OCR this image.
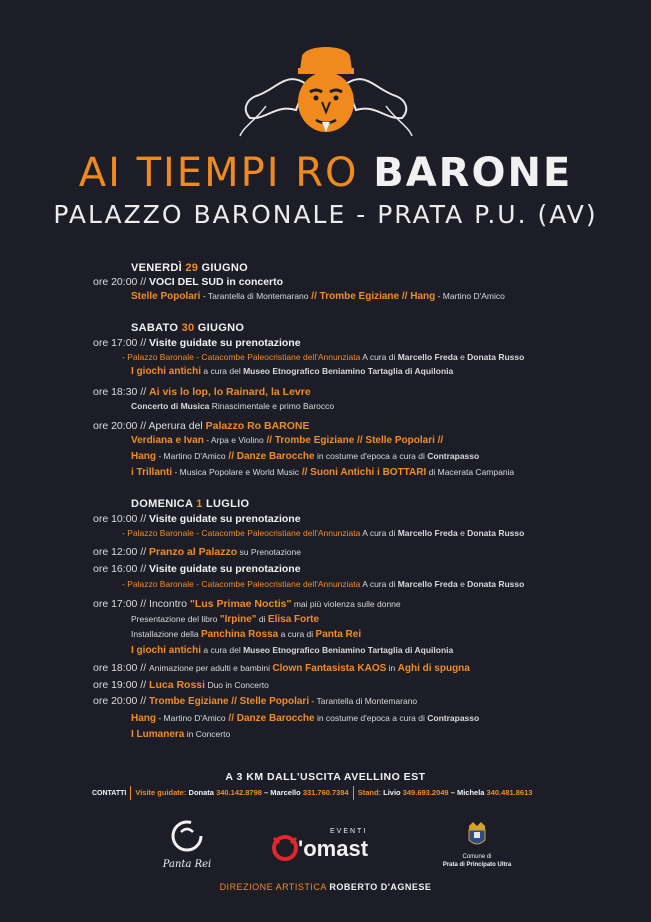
AI TIEMPI RO BARONE
PALAZZO BARONALE - PRATA P.U. (AV)
VENERDÌ 29 GIUGNO
ore 20:00 // VOCI DEL SUD in concerto
Stelle Popolari - Tarantella di Montemarano // Trombe Egiziane // Hang - Martino D'Amico
SABATO 30 GIUGNO
ore 17:00 // Visite guidate su prenotazione
- Palazzo Baronale - Catacombe Paleocristiane dell'Annunziata A cura di Marcello Freda e Donata Russo
I giochi antichi a cura del Museo Etnografico Beniamino Tartaglia di Aquilonia
ore 18:30 // Ai vis lo lop, lo Rainard, la Levre
Concerto di Musica Rinascimentale e primo Barocco
ore 20:00 // Aperura del Palazzo Ro BARONE
Verdiana e Ivan - Arpa e Violino // Trombe Egiziane // Stelle Popolari //
Hang - Martino D'Amico // Danze Barocche in costume d'epoca a cura di Contrapasso
i Trillanti - Musica Popolare e World Music // Suoni Antichi i BOTTARI di Macerata Campania
DOMENICA 1 LUGLIO
ore 10:00 // Visite guidate su prenotazione
- Palazzo Baronale - Catacombe Paleocristiane dell'Annunziata A cura di Marcello Freda e Donata Russo
ore 12:00 // Pranzo al Palazzo su Prenotazione
ore 16:00 // Visite guidate su prenotazione
- Palazzo Baronale - Catacombe Paleocristiane dell'Annunziata A cura di Marcello Freda e Donata Russo
ore 17:00 // Incontro "Lus Primae Noctis" mai più violenza sulle donne
Presentazione del libro "Irpine" di Elisa Forte
Installazione della Panchina Rossa a cura di Panta Rei
I giochi antichi a cura del Museo Etnografico Beniamino Tartaglia di Aquilonia
ore 18:00 // Animazione per adulti e bambini Clown Fantasista KAOS in Aghi di spugna
ore 19:00 // Luca Rossi Duo in Concerto
ore 20:00 // Trombe Egiziane // Stelle Popolari - Tarantella di Montemarano
Hang - Martino D'Amico // Danze Barocche in costume d'epoca a cura di Contrapasso
I Lumanera in Concerto
A 3 KM DALL'USCITA AVELLINO EST
CONTATTI Visite guidate: Donata 340.142.8798 – Marcello 331.760.7384 Stand: Livio 349.693.2049 – Michela 340.481.8613
Panta Rei
EVENTI
'omast	Comune di
Prata di Principato Ultra
DIREZIONE ARTISTICA ROBERTO D'AGNESE
